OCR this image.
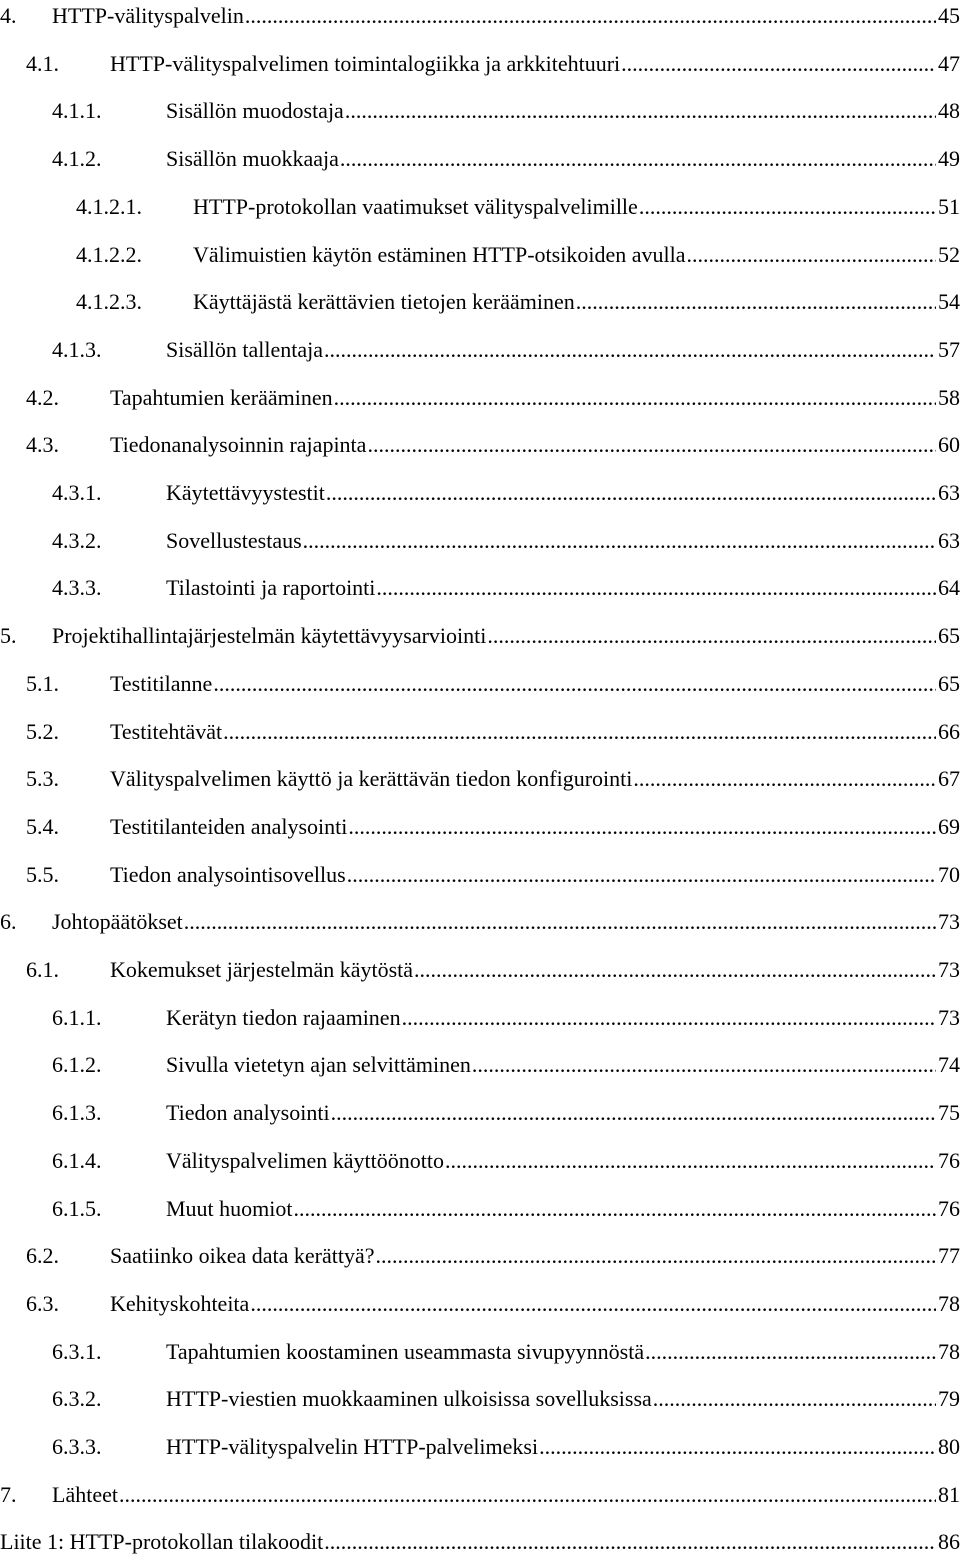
4.	HTTP-välityspalvelin .....	45
4.1.	HTTP-välityspalvelimen toimintalogiikka ja arkkitehtuuri .....	47
4.1.1.	Sisällön muodostaja .....	48
4.1.2.	Sisällön muokkaaja .....	49
4.1.2.1.	HTTP-protokollan vaatimukset välityspalvelimille .....	51
4.1.2.2.	Välimuistien käytön estäminen HTTP-otsikoiden avulla .....	52
4.1.2.3.	Käyttäjästä kerättävien tietojen kerääminen .....	54
4.1.3.	Sisällön tallentaja .....	57
4.2.	Tapahtumien kerääminen .....	58
4.3.	Tiedonanalysoinnin rajapinta .....	60
4.3.1.	Käytettävyystestit .....	63
4.3.2.	Sovellustestaus .....	63
4.3.3.	Tilastointi ja raportointi .....	64
5.	Projektihallintajärjestelmän käytettävyysarviointi .....	65
5.1.	Testitilanne .....	65
5.2.	Testitehtävät .....	66
5.3.	Välityspalvelimen käyttö ja kerättävän tiedon konfigurointi .....	67
5.4.	Testitilanteiden analysointi .....	69
5.5.	Tiedon analysointisovellus .....	70
6.	Johtopäätökset .....	73
6.1.	Kokemukset järjestelmän käytöstä .....	73
6.1.1.	Kerätyn tiedon rajaaminen .....	73
6.1.2.	Sivulla vietetyn ajan selvittäminen .....	74
6.1.3.	Tiedon analysointi .....	75
6.1.4.	Välityspalvelimen käyttöönotto .....	76
6.1.5.	Muut huomiot .....	76
6.2.	Saatiinko oikea data kerättyä? .....	77
6.3.	Kehityskohteita .....	78
6.3.1.	Tapahtumien koostaminen useammasta sivupyynnöstä .....	78
6.3.2.	HTTP-viestien muokkaaminen ulkoisissa sovelluksissa .....	79
6.3.3.	HTTP-välityspalvelin HTTP-palvelimeksi .....	80
7.	Lähteet .....	81
Liite 1: HTTP-protokollan tilakoodit .....	86
